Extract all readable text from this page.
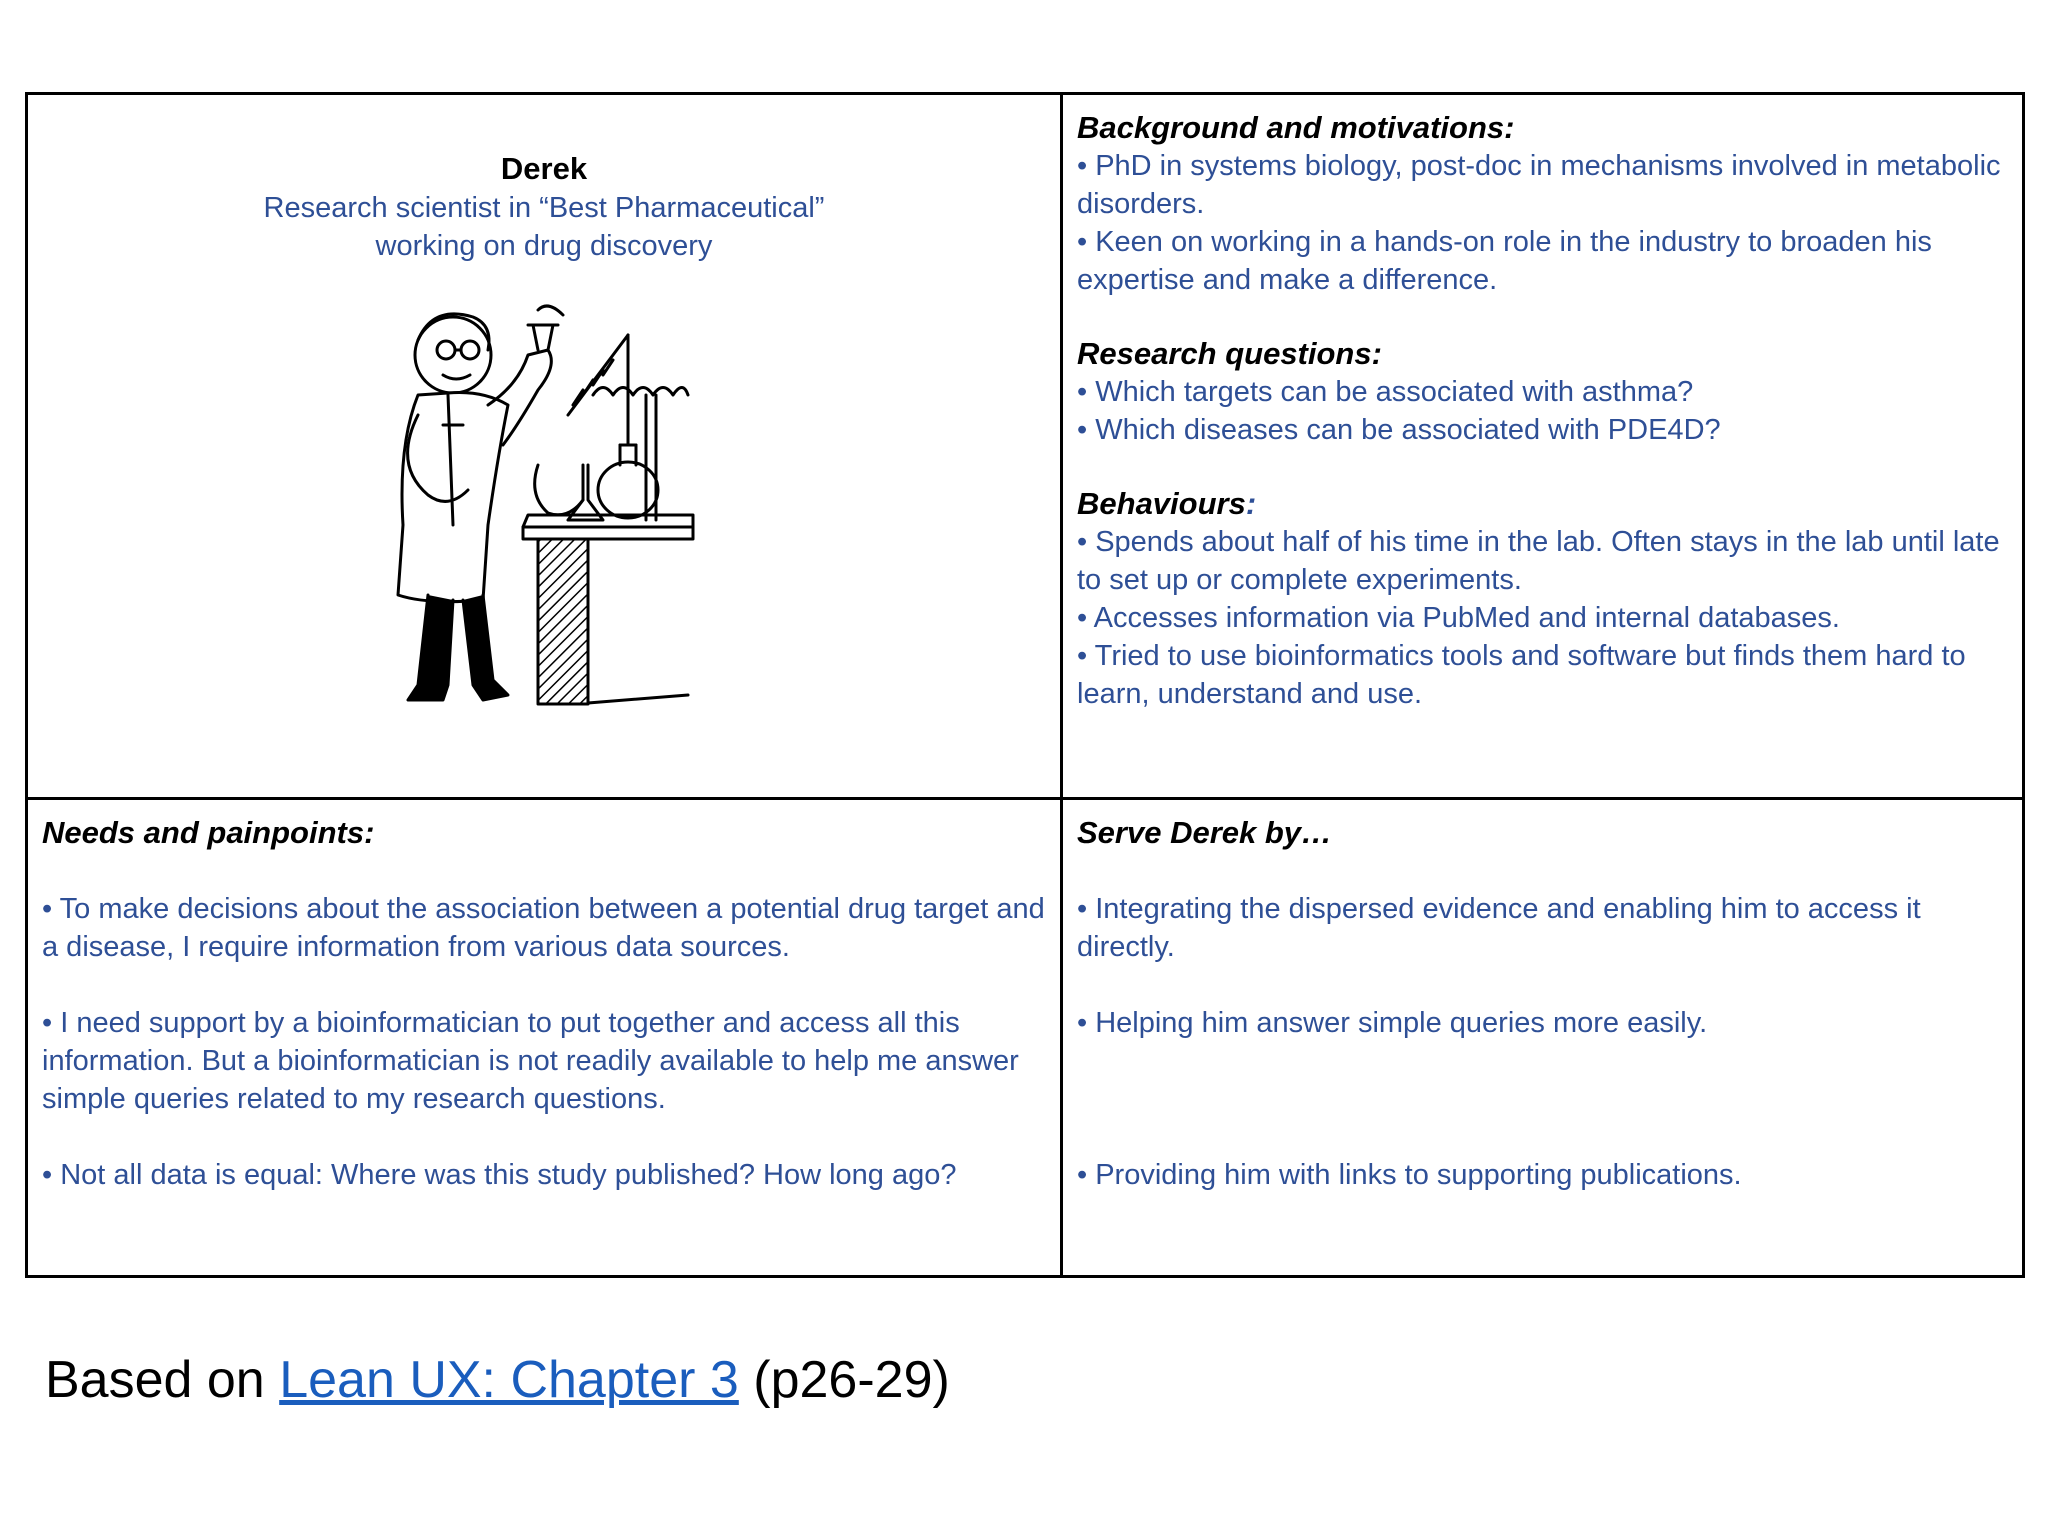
Derek
Research scientist in “Best Pharmaceutical”
working on drug discovery
Background and motivations:
• PhD in systems biology, post-doc in mechanisms involved in metabolic disorders.
• Keen on working in a hands-on role in the industry to broaden his expertise and make a difference.
Research questions:
• Which targets can be associated with asthma?
• Which diseases can be associated with PDE4D?
Behaviours:
• Spends about half of his time in the lab. Often stays in the lab until late to set up or complete experiments.
• Accesses information via PubMed and internal databases.
• Tried to use bioinformatics tools and software but finds them hard to learn, understand and use.
Needs and painpoints:
• To make decisions about the association between a potential drug target and a disease, I require information from various data sources.
• I need support by a bioinformatician to put together and access all this information. But a bioinformatician is not readily available to help me answer simple queries related to my research questions.
• Not all data is equal: Where was this study published? How long ago?
Serve Derek by…
• Integrating the dispersed evidence and enabling him to access it directly.
• Helping him answer simple queries more easily.
• Providing him with links to supporting publications.
Based on Lean UX: Chapter 3 (p26-29)
